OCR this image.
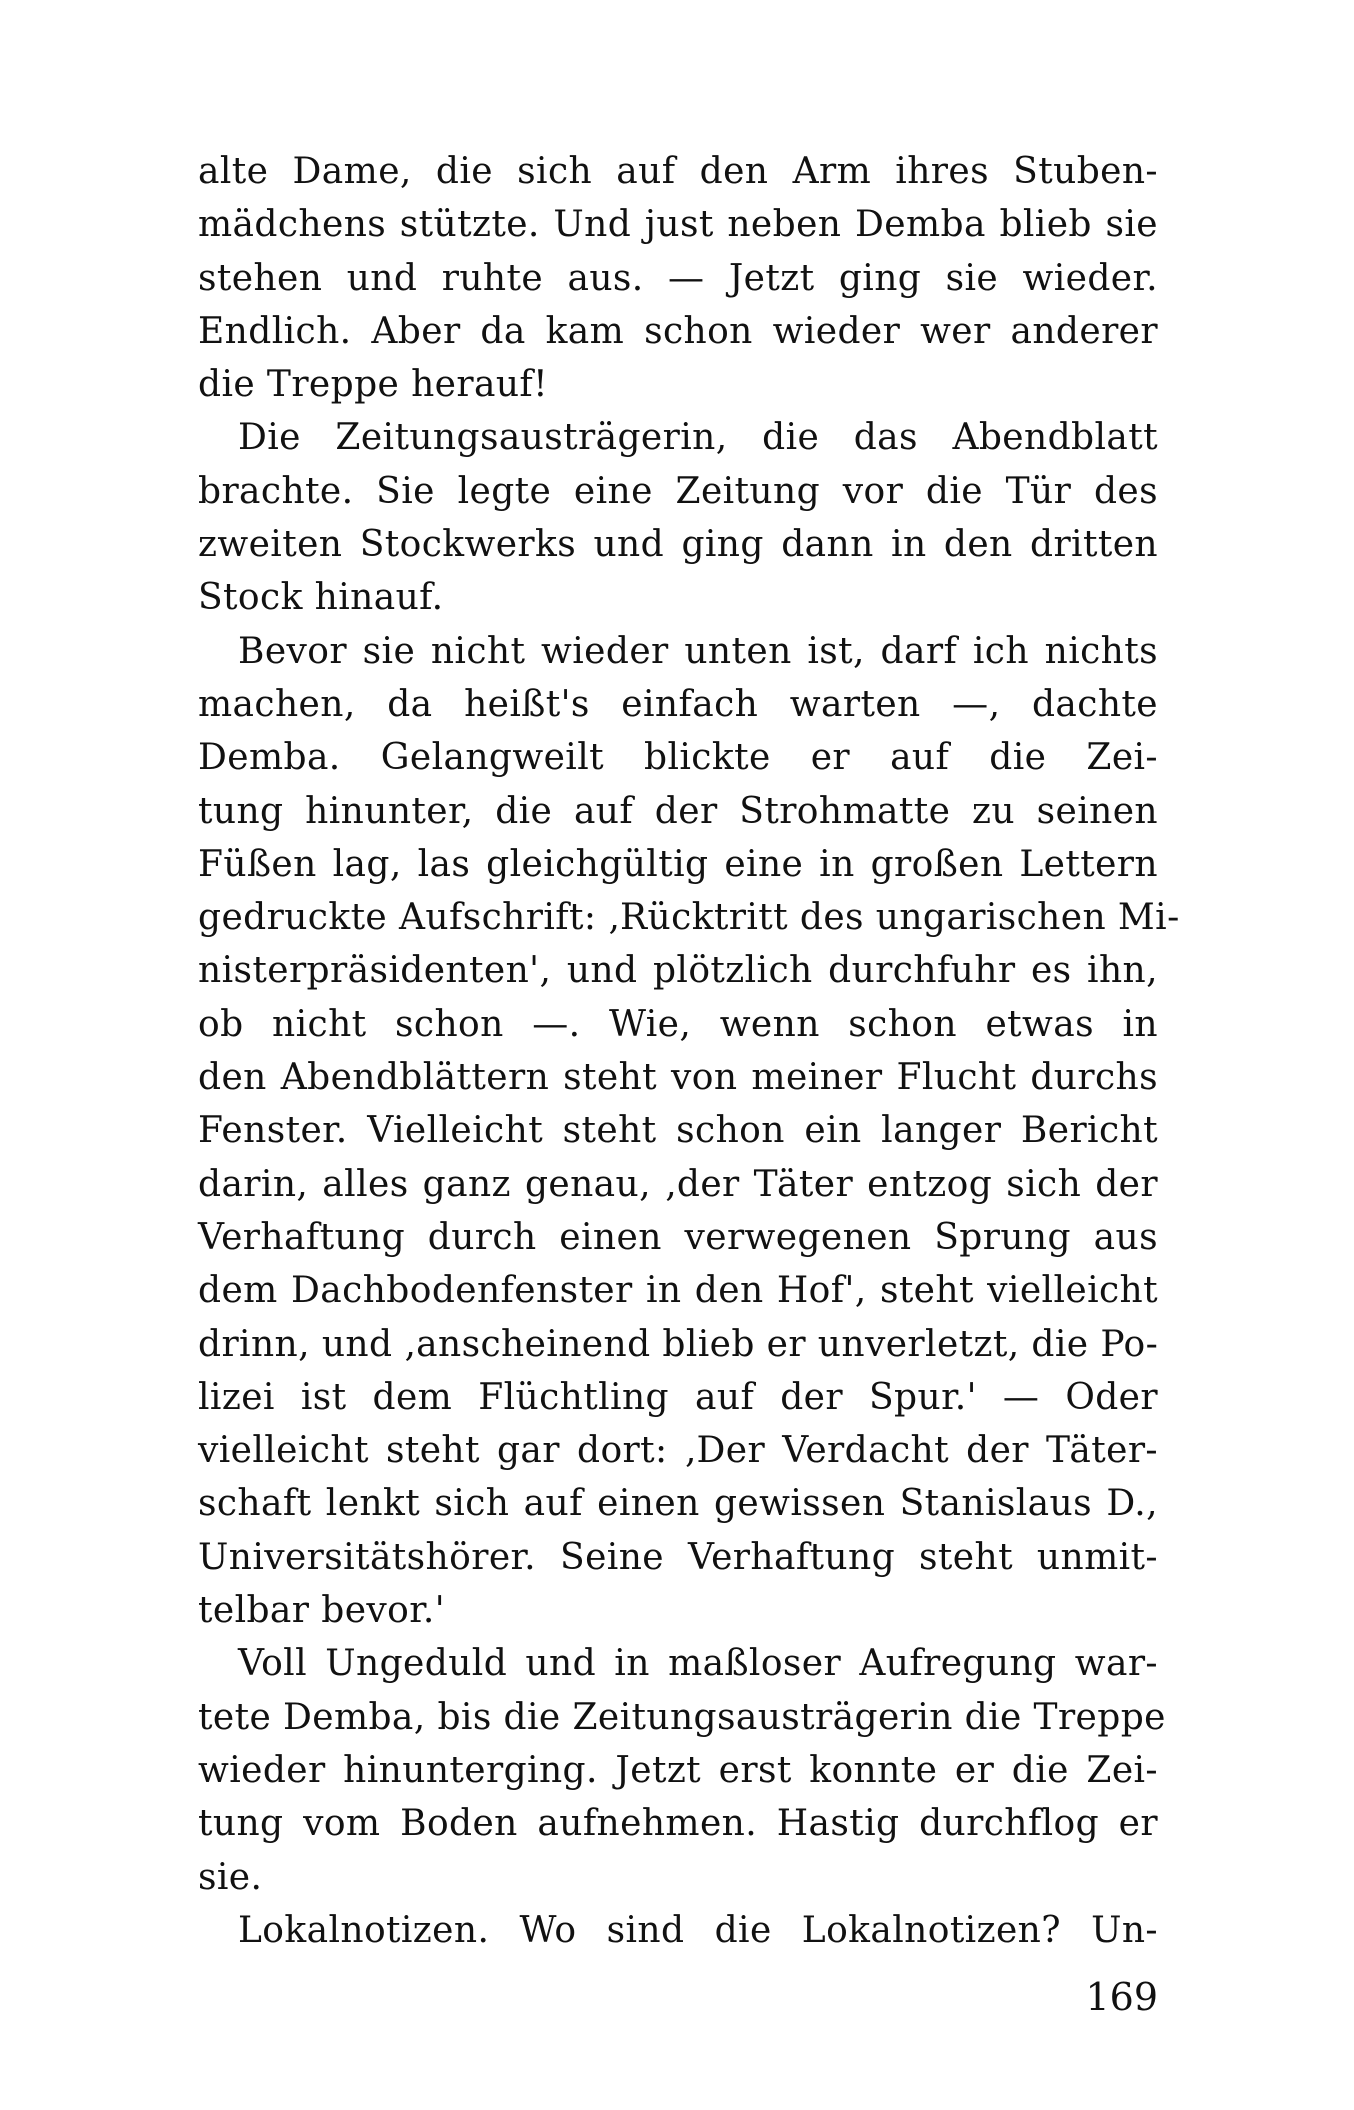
alte Dame, die sich auf den Arm ihres Stuben-
mädchens stützte. Und just neben Demba blieb sie
stehen und ruhte aus. — Jetzt ging sie wieder.
Endlich. Aber da kam schon wieder wer anderer
die Treppe herauf!
Die Zeitungsausträgerin, die das Abendblatt
brachte. Sie legte eine Zeitung vor die Tür des
zweiten Stockwerks und ging dann in den dritten
Stock hinauf.
Bevor sie nicht wieder unten ist, darf ich nichts
machen, da heißt's einfach warten —, dachte
Demba. Gelangweilt blickte er auf die Zei-
tung hinunter, die auf der Strohmatte zu seinen
Füßen lag, las gleichgültig eine in großen Lettern
gedruckte Aufschrift: ‚Rücktritt des ungarischen Mi-
nisterpräsidenten', und plötzlich durchfuhr es ihn,
ob nicht schon —. Wie, wenn schon etwas in
den Abendblättern steht von meiner Flucht durchs
Fenster. Vielleicht steht schon ein langer Bericht
darin, alles ganz genau, ‚der Täter entzog sich der
Verhaftung durch einen verwegenen Sprung aus
dem Dachbodenfenster in den Hof', steht vielleicht
drinn, und ‚anscheinend blieb er unverletzt, die Po-
lizei ist dem Flüchtling auf der Spur.' — Oder
vielleicht steht gar dort: ‚Der Verdacht der Täter-
schaft lenkt sich auf einen gewissen Stanislaus D.,
Universitätshörer. Seine Verhaftung steht unmit-
telbar bevor.'
Voll Ungeduld und in maßloser Aufregung war-
tete Demba, bis die Zeitungsausträgerin die Treppe
wieder hinunterging. Jetzt erst konnte er die Zei-
tung vom Boden aufnehmen. Hastig durchflog er
sie.
Lokalnotizen. Wo sind die Lokalnotizen? Un-
169
